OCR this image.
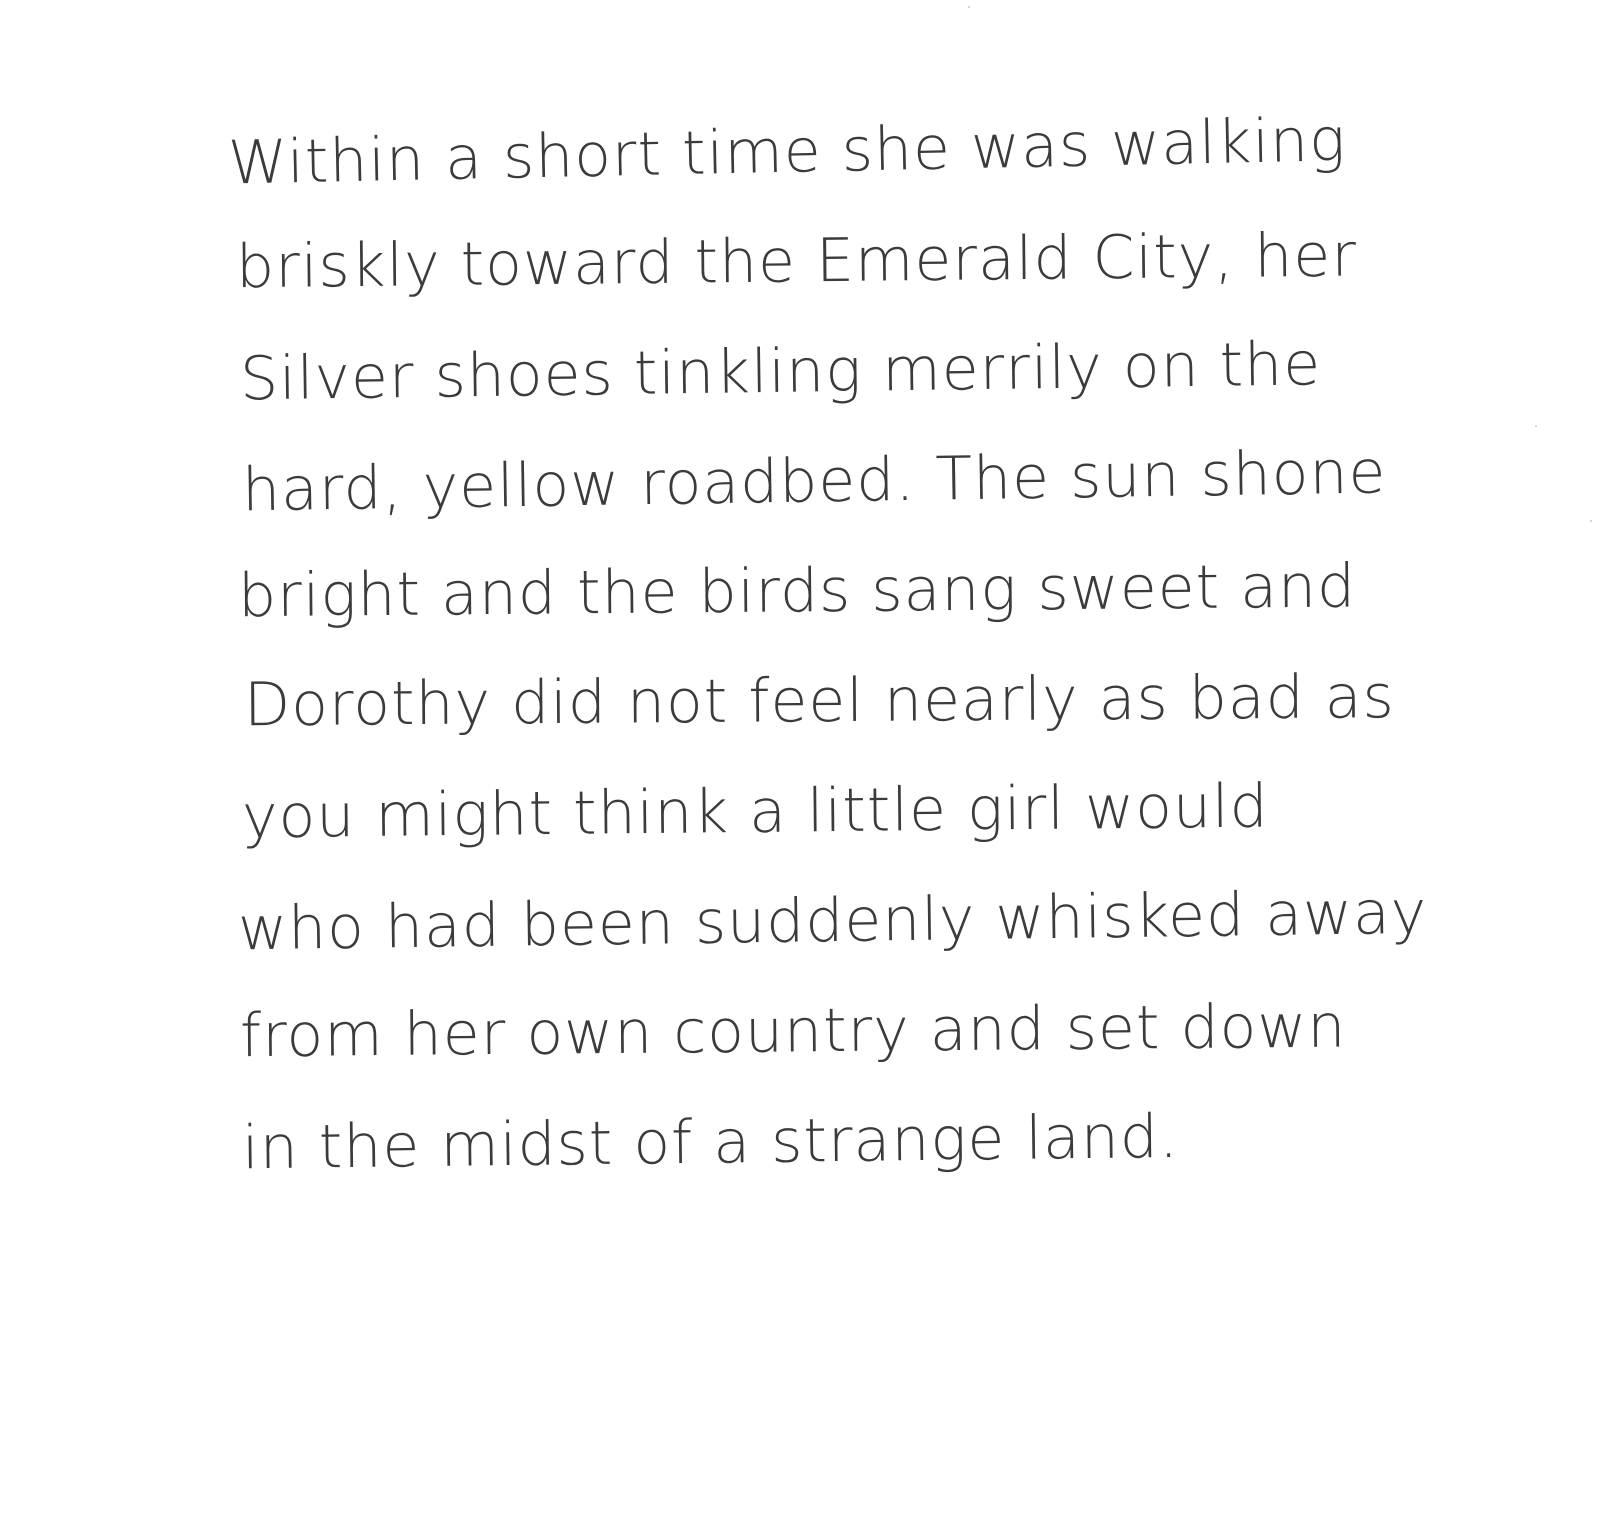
Within a short time she was walking
briskly toward the Emerald City, her
Silver shoes tinkling merrily on the
hard, yellow roadbed. The sun shone
bright and the birds sang sweet and
Dorothy did not feel nearly as bad as
you might think a little girl would
who had been suddenly whisked away
from her own country and set down
in the midst of a strange land.
